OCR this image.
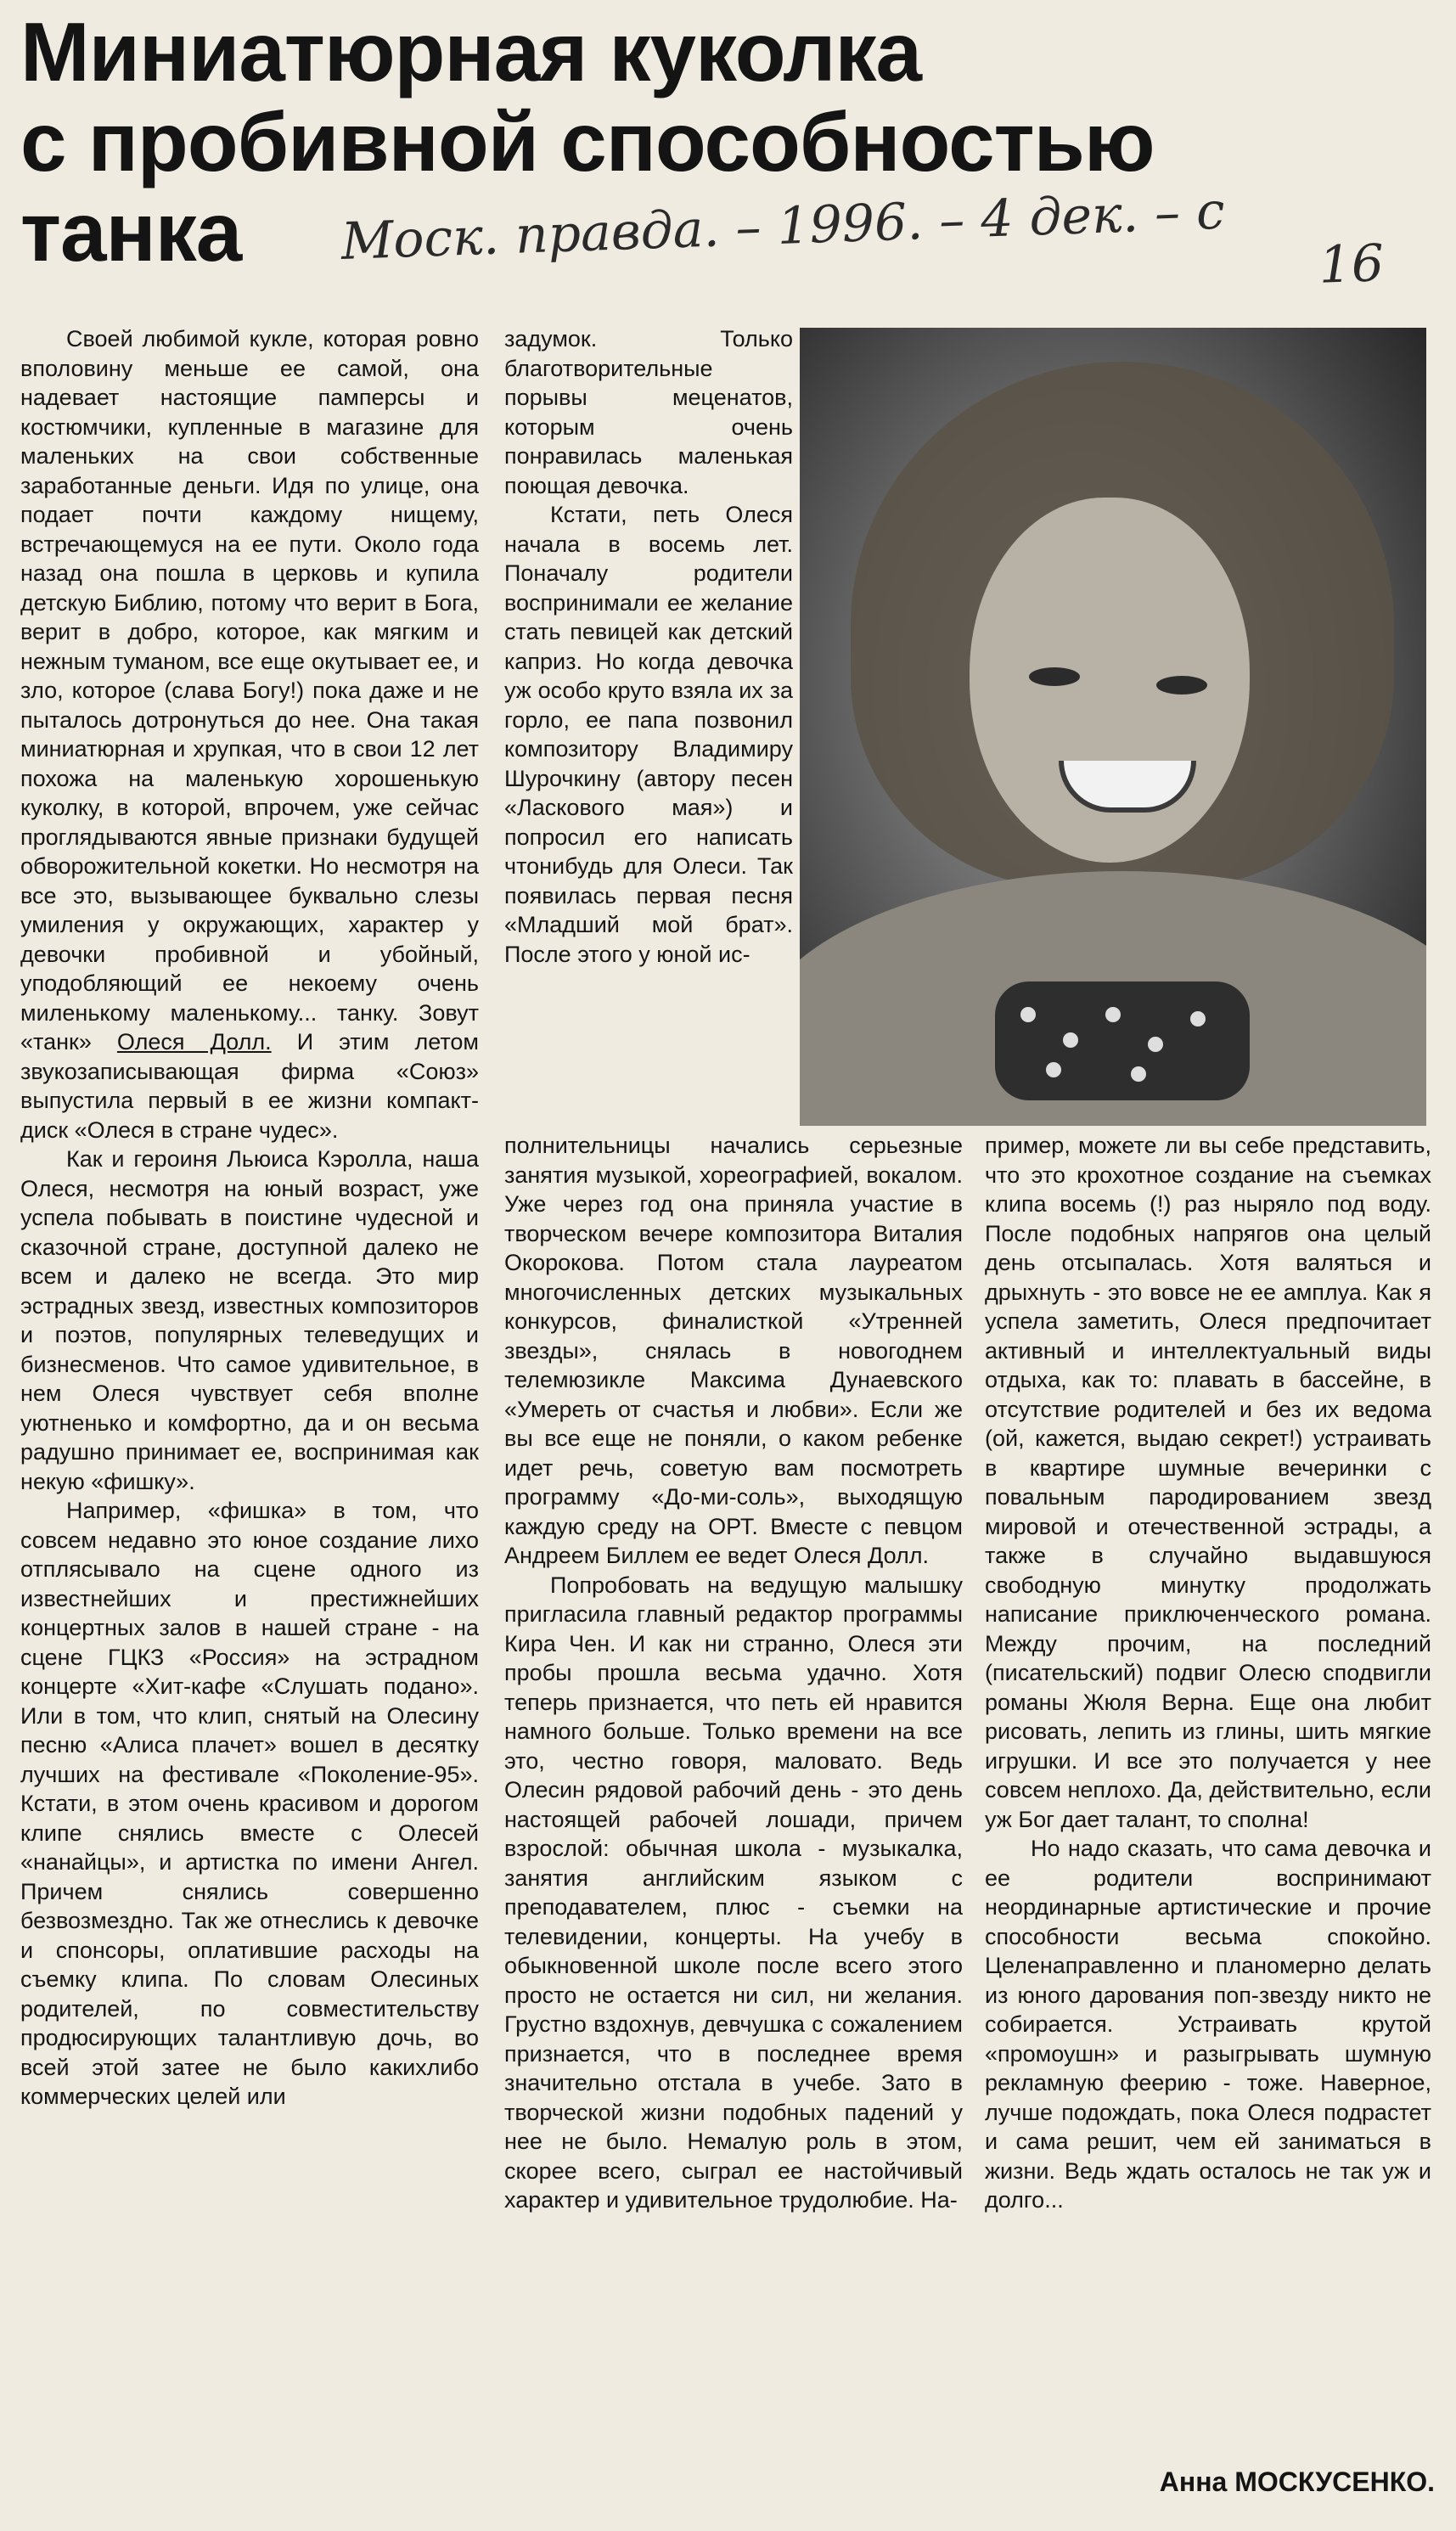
Миниатюрная куколка
с пробивной способностью
танка	Моск. правда. – 1996. – 4 дек. – с 16

Своей любимой кукле, которая ровно вполовину меньше ее самой, она надевает настоящие памперсы и костюмчики, купленные в магазине для маленьких на свои собственные заработанные деньги. Идя по улице, она подает почти каждому нищему, встречающемуся на ее пути. Около года назад она пошла в церковь и купила детскую Библию, потому что верит в Бога, верит в добро, которое, как мягким и нежным туманом, все еще окутывает ее, и зло, которое (слава Богу!) пока даже и не пыталось дотронуться до нее. Она такая миниатюрная и хрупкая, что в свои 12 лет похожа на маленькую хорошенькую куколку, в которой, впрочем, уже сейчас проглядываются явные признаки будущей обворожительной кокетки. Но несмотря на все это, вызывающее буквально слезы умиления у окружающих, характер у девочки пробивной и убойный, уподобляющий ее некоему очень миленькому маленькому... танку. Зовут «танк» Олеся Долл. И этим летом звукозаписывающая фирма «Союз» выпустила первый в ее жизни компакт-диск «Олеся в стране чудес».

Как и героиня Льюиса Кэролла, наша Олеся, несмотря на юный возраст, уже успела побывать в поистине чудесной и сказочной стране, доступной далеко не всем и далеко не всегда. Это мир эстрадных звезд, известных композиторов и поэтов, популярных телеведущих и бизнесменов. Что самое удивительное, в нем Олеся чувствует себя вполне уютненько и комфортно, да и он весьма радушно принимает ее, воспринимая как некую «фишку».

Например, «фишка» в том, что совсем недавно это юное создание лихо отплясывало на сцене одного из известнейших и престижнейших концертных залов в нашей стране - на сцене ГЦКЗ «Россия» на эстрадном концерте «Хит-кафе «Слушать подано». Или в том, что клип, снятый на Олесину песню «Алиса плачет» вошел в десятку лучших на фестивале «Поколение-95». Кстати, в этом очень красивом и дорогом клипе снялись вместе с Олесей «нанайцы», и артистка по имени Ангел. Причем снялись совершенно безвозмездно. Так же отнеслись к девочке и спонсоры, оплатившие расходы на съемку клипа. По словам Олесиных родителей, по совместительству продюсирующих талантливую дочь, во всей этой затее не было какихлибо коммерческих целей или

задумок. Только благотворительные порывы меценатов, которым очень понравилась маленькая поющая девочка.

Кстати, петь Олеся начала в восемь лет. Поначалу родители воспринимали ее желание стать певицей как детский каприз. Но когда девочка уж особо круто взяла их за горло, ее папа позвонил композитору Владимиру Шурочкину (автору песен «Ласкового мая») и попросил его написать чтонибудь для Олеси. Так появилась первая песня «Младший мой брат». После этого у юной ис-

полнительницы начались серьезные занятия музыкой, хореографией, вокалом. Уже через год она приняла участие в творческом вечере композитора Виталия Окорокова. Потом стала лауреатом многочисленных детских музыкальных конкурсов, финалисткой «Утренней звезды», снялась в новогоднем телемюзикле Максима Дунаевского «Умереть от счастья и любви». Если же вы все еще не поняли, о каком ребенке идет речь, советую вам посмотреть программу «До-ми-соль», выходящую каждую среду на ОРТ. Вместе с певцом Андреем Биллем ее ведет Олеся Долл.

Попробовать на ведущую малышку пригласила главный редактор программы Кира Чен. И как ни странно, Олеся эти пробы прошла весьма удачно. Хотя теперь признается, что петь ей нравится намного больше. Только времени на все это, честно говоря, маловато. Ведь Олесин рядовой рабочий день - это день настоящей рабочей лошади, причем взрослой: обычная школа - музыкалка, занятия английским языком с преподавателем, плюс - съемки на телевидении, концерты. На учебу в обыкновенной школе после всего этого просто не остается ни сил, ни желания. Грустно вздохнув, девчушка с сожалением признается, что в последнее время значительно отстала в учебе. Зато в творческой жизни подобных падений у нее не было. Немалую роль в этом, скорее всего, сыграл ее настойчивый характер и удивительное трудолюбие. На-

пример, можете ли вы себе представить, что это крохотное создание на съемках клипа восемь (!) раз ныряло под воду. После подобных напрягов она целый день отсыпалась. Хотя валяться и дрыхнуть - это вовсе не ее амплуа. Как я успела заметить, Олеся предпочитает активный и интеллектуальный виды отдыха, как то: плавать в бассейне, в отсутствие родителей и без их ведома (ой, кажется, выдаю секрет!) устраивать в квартире шумные вечеринки с повальным пародированием звезд мировой и отечественной эстрады, а также в случайно выдавшуюся свободную минутку продолжать написание приключенческого романа. Между прочим, на последний (писательский) подвиг Олесю сподвигли романы Жюля Верна. Еще она любит рисовать, лепить из глины, шить мягкие игрушки. И все это получается у нее совсем неплохо. Да, действительно, если уж Бог дает талант, то сполна!

Но надо сказать, что сама девочка и ее родители воспринимают неординарные артистические и прочие способности весьма спокойно. Целенаправленно и планомерно делать из юного дарования поп-звезду никто не собирается. Устраивать крутой «промоушн» и разыгрывать шумную рекламную феерию - тоже. Наверное, лучше подождать, пока Олеся подрастет и сама решит, чем ей заниматься в жизни. Ведь ждать осталось не так уж и долго...

Анна МОСКУСЕНКО.
